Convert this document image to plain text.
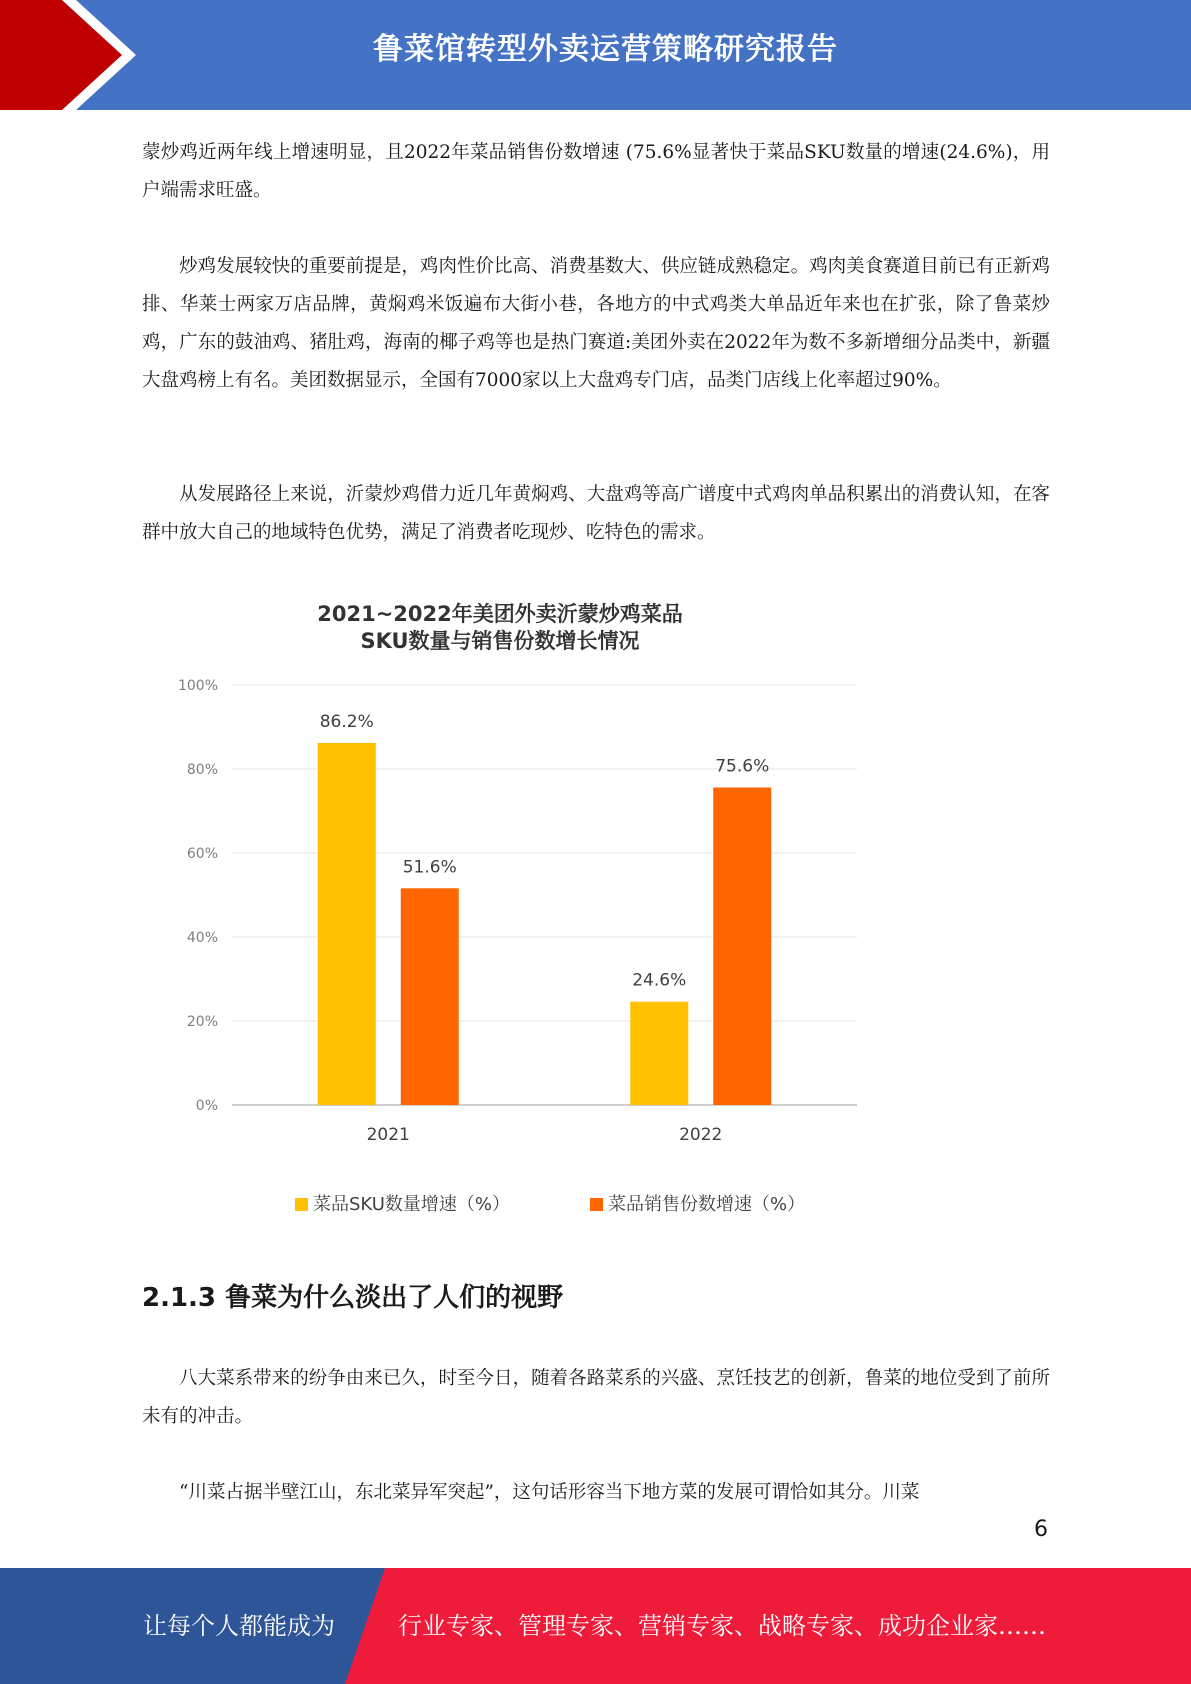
鲁菜馆转型外卖运营策略研究报告

蒙炒鸡近两年线上增速明显，且2022年菜品销售份数增速 (75.6%显著快于菜品SKU数量的增速(24.6%)，用户端需求旺盛。

炒鸡发展较快的重要前提是，鸡肉性价比高、消费基数大、供应链成熟稳定。鸡肉美食赛道目前已有正新鸡排、华莱士两家万店品牌，黄焖鸡米饭遍布大街小巷，各地方的中式鸡类大单品近年来也在扩张，除了鲁菜炒鸡，广东的鼓油鸡、猪肚鸡，海南的椰子鸡等也是热门赛道:美团外卖在2022年为数不多新增细分品类中，新疆大盘鸡榜上有名。美团数据显示，全国有7000家以上大盘鸡专门店，品类门店线上化率超过90%。

从发展路径上来说，沂蒙炒鸡借力近几年黄焖鸡、大盘鸡等高广谱度中式鸡肉单品积累出的消费认知，在客群中放大自己的地域特色优势，满足了消费者吃现炒、吃特色的需求。

2021~2022年美团外卖沂蒙炒鸡菜品
SKU数量与销售份数增长情况
0%
20%
40%
60%
80%
100%
86.2%
51.6%
2021
24.6%
75.6%
2022
菜品SKU数量增速（%）	菜品销售份数增速（%）
2.1.3 鲁菜为什么淡出了人们的视野

八大菜系带来的纷争由来已久，时至今日，随着各路菜系的兴盛、烹饪技艺的创新，鲁菜的地位受到了前所未有的冲击。

“川菜占据半壁江山，东北菜异军突起”，这句话形容当下地方菜的发展可谓恰如其分。川菜

6
让每个人都能成为	行业专家、管理专家、营销专家、战略专家、成功企业家……
